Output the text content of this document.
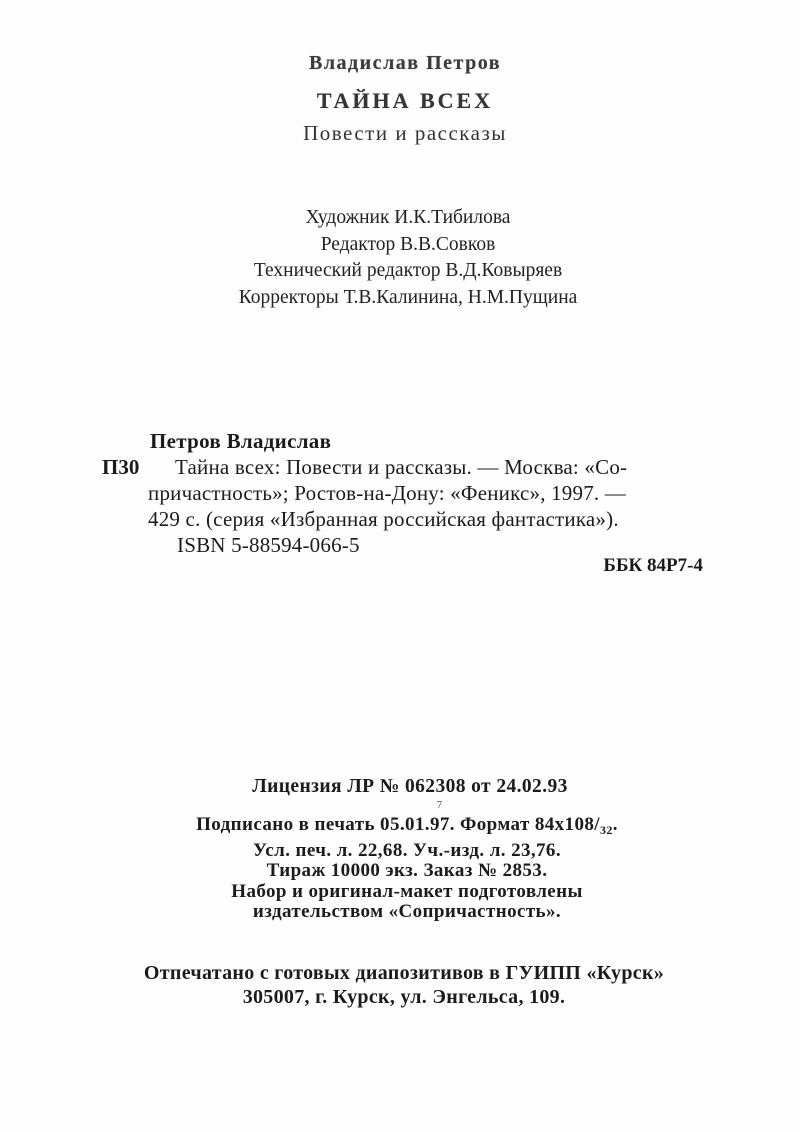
Владислав Петров
ТАЙНА ВСЕХ
Повести и рассказы
Художник И.К.Тибилова
Редактор В.В.Совков
Технический редактор В.Д.Ковыряев
Корректоры Т.В.Калинина, Н.М.Пущина
Петров Владислав
П30	Тайна всех: Повести и рассказы. — Москва: «Со-
причастность»; Ростов-на-Дону: «Феникс», 1997. —
429 с. (серия «Избранная российская фантастика»).
ISBN 5-88594-066-5
ББК 84Р7-4
Лицензия ЛР № 062308 от 24.02.93
7
Подписано в печать 05.01.97. Формат $84х108/_{32}$.
Усл. печ. л. 22,68. Уч.-изд. л. 23,76.
Тираж 10000 экз. Заказ № 2853.
Набор и оригинал-макет подготовлены
издательством «Сопричастность».
Отпечатано с готовых диапозитивов в ГУИПП «Курск»
305007, г. Курск, ул. Энгельса, 109.
